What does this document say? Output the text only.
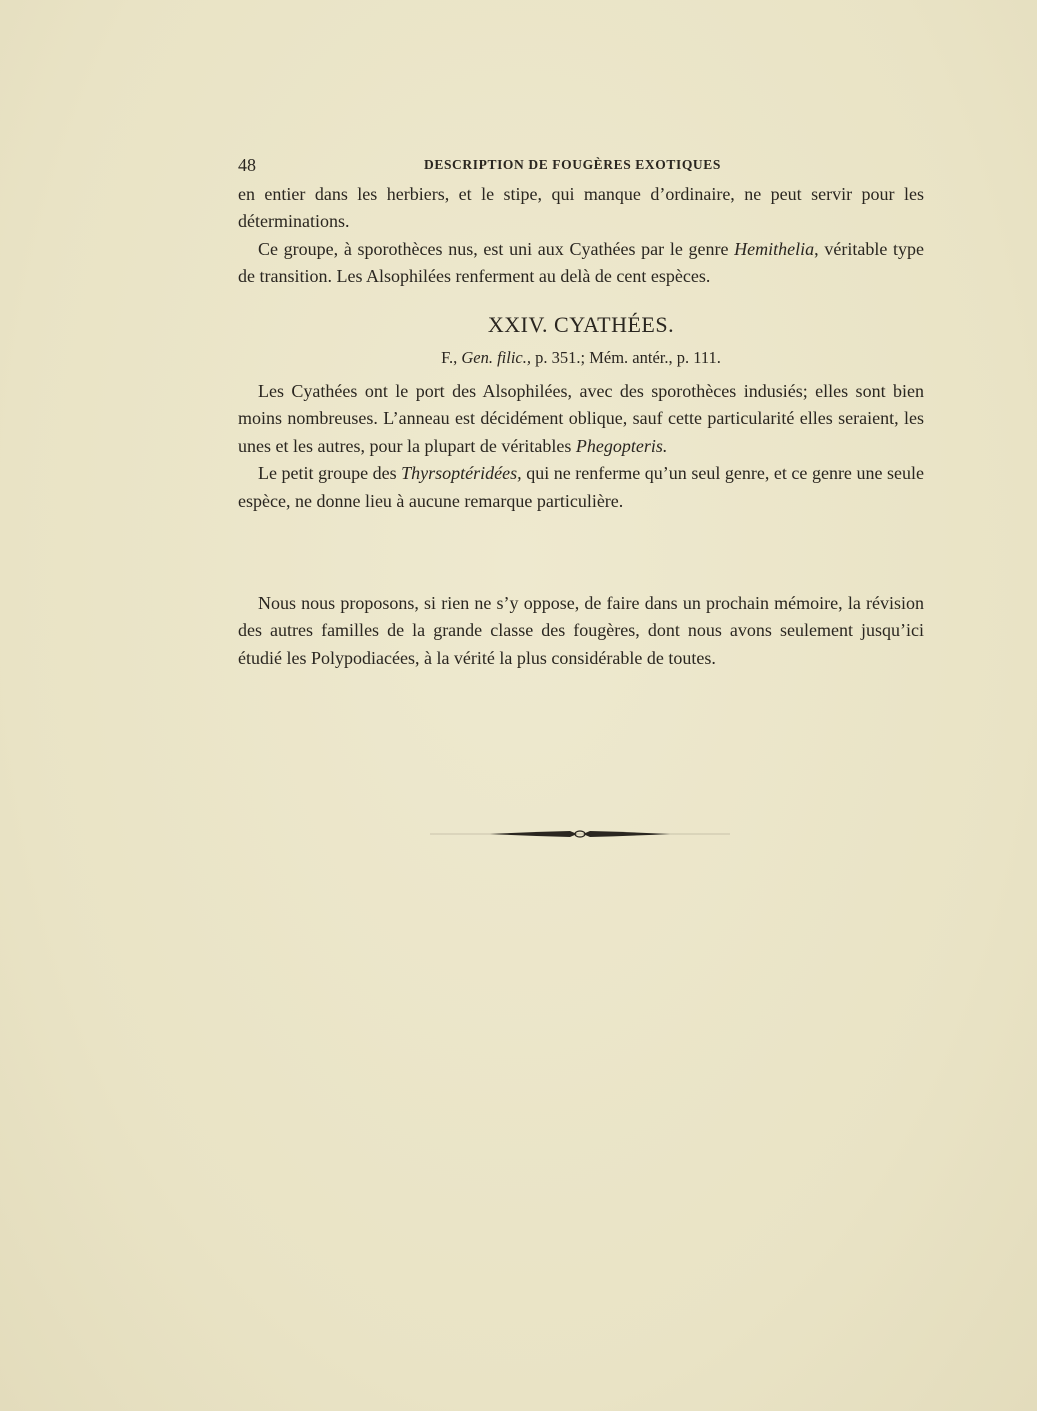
48	DESCRIPTION DE FOUGÈRES EXOTIQUES

en entier dans les herbiers, et le stipe, qui manque d’ordinaire, ne peut servir pour les déterminations.

Ce groupe, à sporothèces nus, est uni aux Cyathées par le genre Hemithelia, véritable type de transition. Les Alsophilées renferment au delà de cent espèces.

XXIV. CYATHÉES.
F., Gen. filic., p. 351.; Mém. antér., p. 111.

Les Cyathées ont le port des Alsophilées, avec des sporothèces indusiés; elles sont bien moins nombreuses. L’anneau est décidément oblique, sauf cette particularité elles seraient, les unes et les autres, pour la plupart de véritables Phegopteris.

Le petit groupe des Thyrsoptéridées, qui ne renferme qu’un seul genre, et ce genre une seule espèce, ne donne lieu à aucune remarque particulière.

Nous nous proposons, si rien ne s’y oppose, de faire dans un prochain mémoire, la révision des autres familles de la grande classe des fougères, dont nous avons seulement jusqu’ici étudié les Polypodiacées, à la vérité la plus considérable de toutes.
